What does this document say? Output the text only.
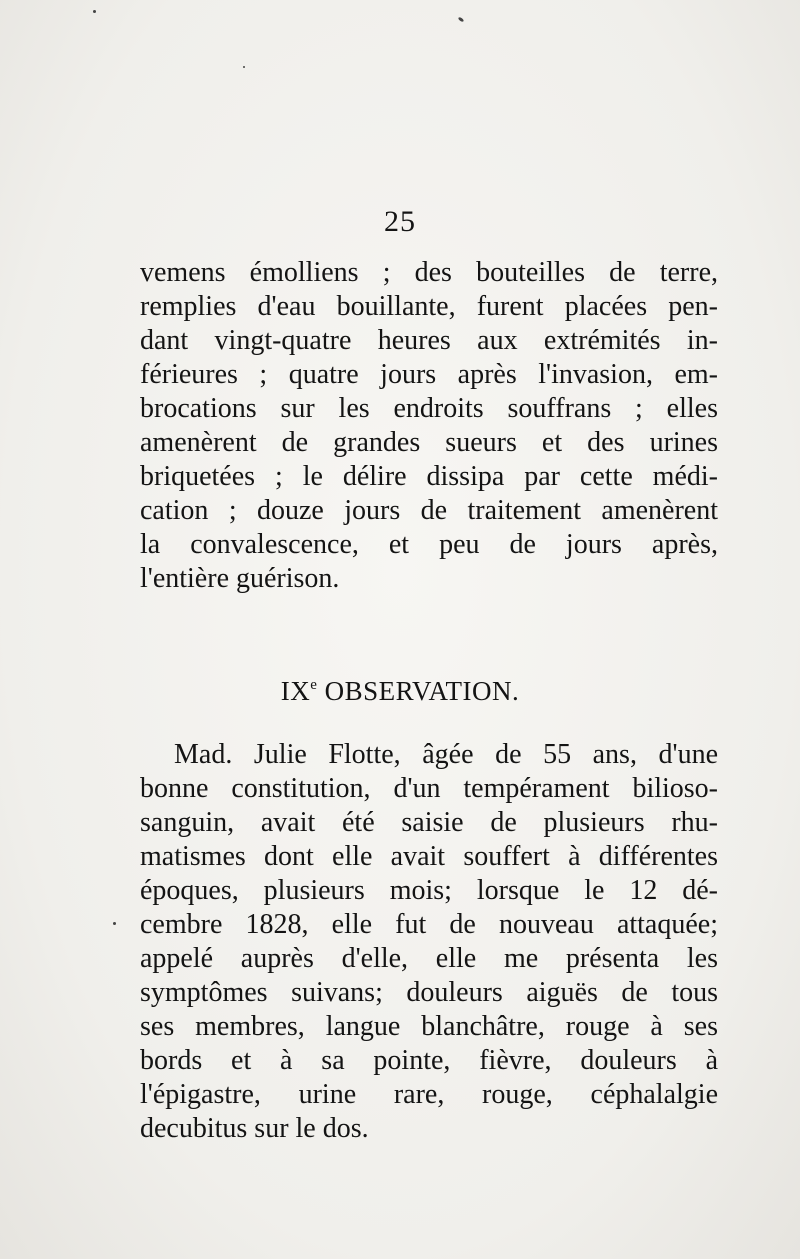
25
vemens émolliens ; des bouteilles de terre,
remplies d'eau bouillante, furent placées pen-
dant vingt-quatre heures aux extrémités in-
férieures ; quatre jours après l'invasion, em-
brocations sur les endroits souffrans ; elles
amenèrent de grandes sueurs et des urines
briquetées ; le délire dissipa par cette médi-
cation ; douze jours de traitement amenèrent
la convalescence, et peu de jours après,
l'entière guérison.
IXe OBSERVATION.
Mad. Julie Flotte, âgée de 55 ans, d'une
bonne constitution, d'un tempérament bilioso-
sanguin, avait été saisie de plusieurs rhu-
matismes dont elle avait souffert à différentes
époques, plusieurs mois; lorsque le 12 dé-
cembre 1828, elle fut de nouveau attaquée;
appelé auprès d'elle, elle me présenta les
symptômes suivans; douleurs aiguës de tous
ses membres, langue blanchâtre, rouge à ses
bords et à sa pointe, fièvre, douleurs à
l'épigastre, urine rare, rouge, céphalalgie
decubitus sur le dos.
